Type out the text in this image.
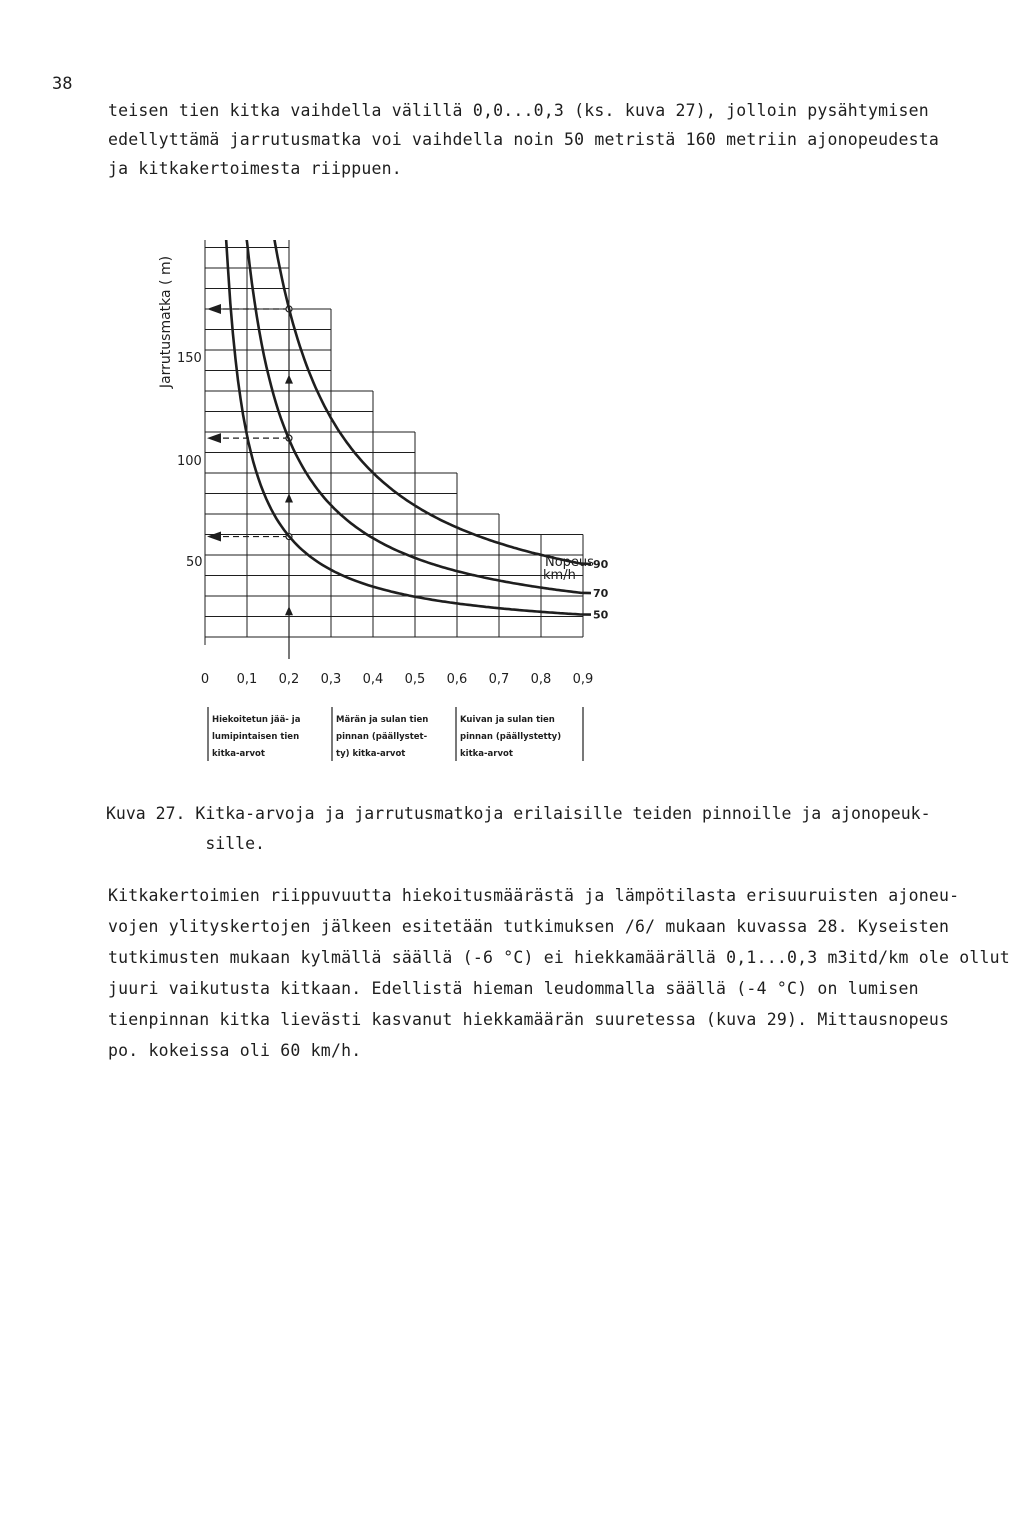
38

teisen tien kitka vaihdella välillä 0,0...0,3 (ks. kuva 27), jolloin pysähtymisen
edellyttämä jarrutusmatka voi vaihdella noin 50 metristä 160 metriin ajonopeudesta
ja kitkakertoimesta riippuen.

Jarrutusmatka ( m) 150
100
50
0 0,1 0,2 0,3 0,4 0,5 0,6 0,7 0,8 0,9
Nopeus
km/h
90
70
50
Hiekoitetun jää- ja
lumipintaisen tien
kitka-arvot
Märän ja sulan tien
pinnan (päällystet-
ty) kitka-arvot
Kuivan ja sulan tien
pinnan (päällystetty)
kitka-arvot
Kuva 27. Kitka-arvoja ja jarrutusmatkoja erilaisille teiden pinnoille ja ajonopeuk-
sille.

Kitkakertoimien riippuvuutta hiekoitusmäärästä ja lämpötilasta erisuuruisten ajoneu-
vojen ylityskertojen jälkeen esitetään tutkimuksen /6/ mukaan kuvassa 28. Kyseisten
tutkimusten mukaan kylmällä säällä (-6 °C) ei hiekkamäärällä 0,1...0,3 m3itd/km ole ollut
juuri vaikutusta kitkaan. Edellistä hieman leudommalla säällä (-4 °C) on lumisen
tienpinnan kitka lievästi kasvanut hiekkamäärän suuretessa (kuva 29). Mittausnopeus
po. kokeissa oli 60 km/h.
